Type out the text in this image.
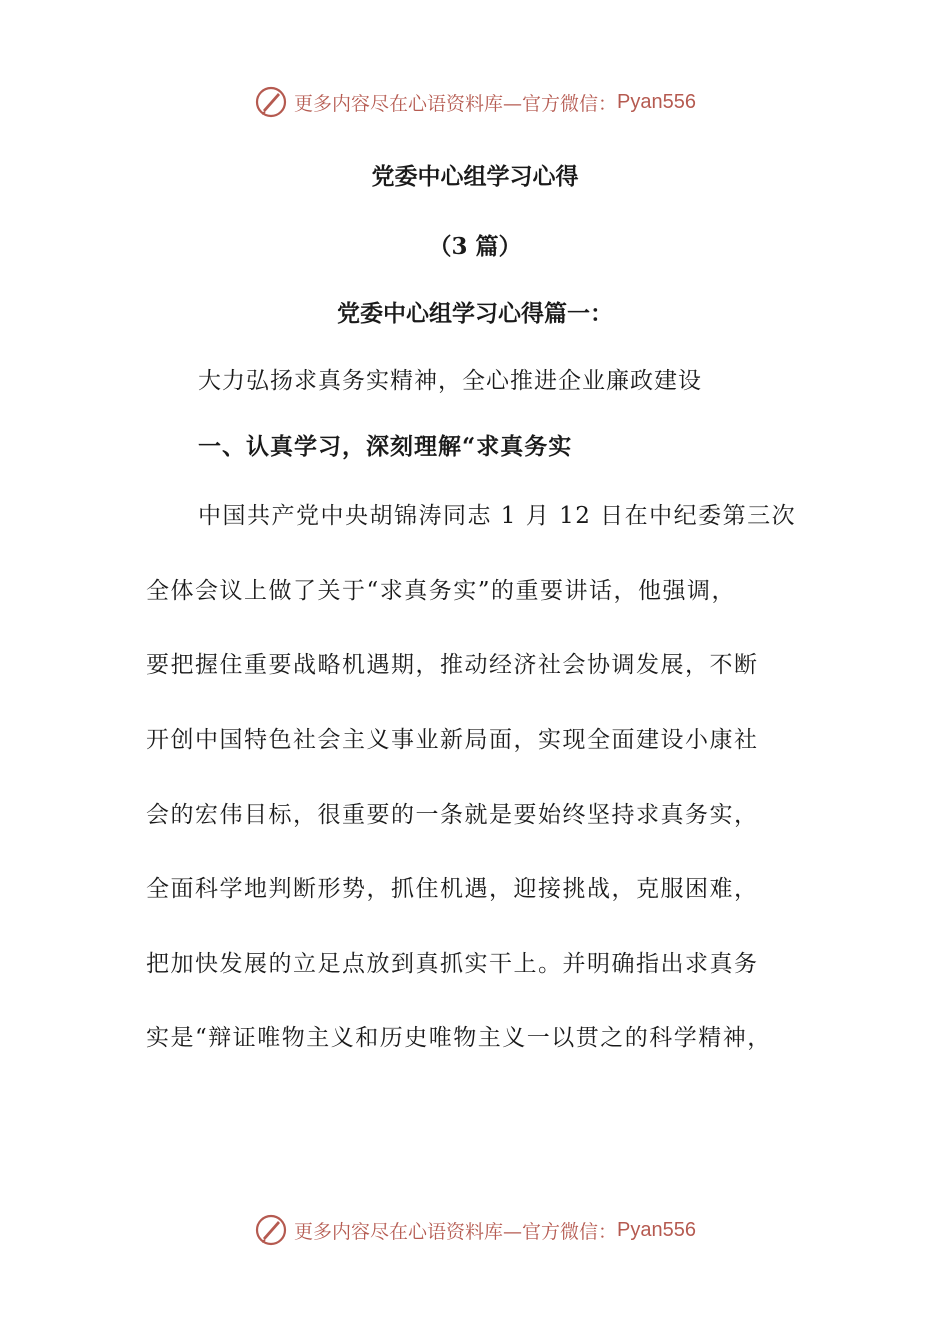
更多内容尽在心语资料库—官方微信： Pyan556
党委中心组学习心得
（3 篇）
党委中心组学习心得篇一：
大力弘扬求真务实精神，全心推进企业廉政建设
一、认真学习，深刻理解“求真务实
中国共产党中央胡锦涛同志 1 月 12 日在中纪委第三次
全体会议上做了关于“求真务实”的重要讲话，他强调，
要把握住重要战略机遇期，推动经济社会协调发展，不断
开创中国特色社会主义事业新局面，实现全面建设小康社
会的宏伟目标，很重要的一条就是要始终坚持求真务实，
全面科学地判断形势，抓住机遇，迎接挑战，克服困难，
把加快发展的立足点放到真抓实干上。并明确指出求真务
实是“辩证唯物主义和历史唯物主义一以贯之的科学精神，
更多内容尽在心语资料库—官方微信： Pyan556
